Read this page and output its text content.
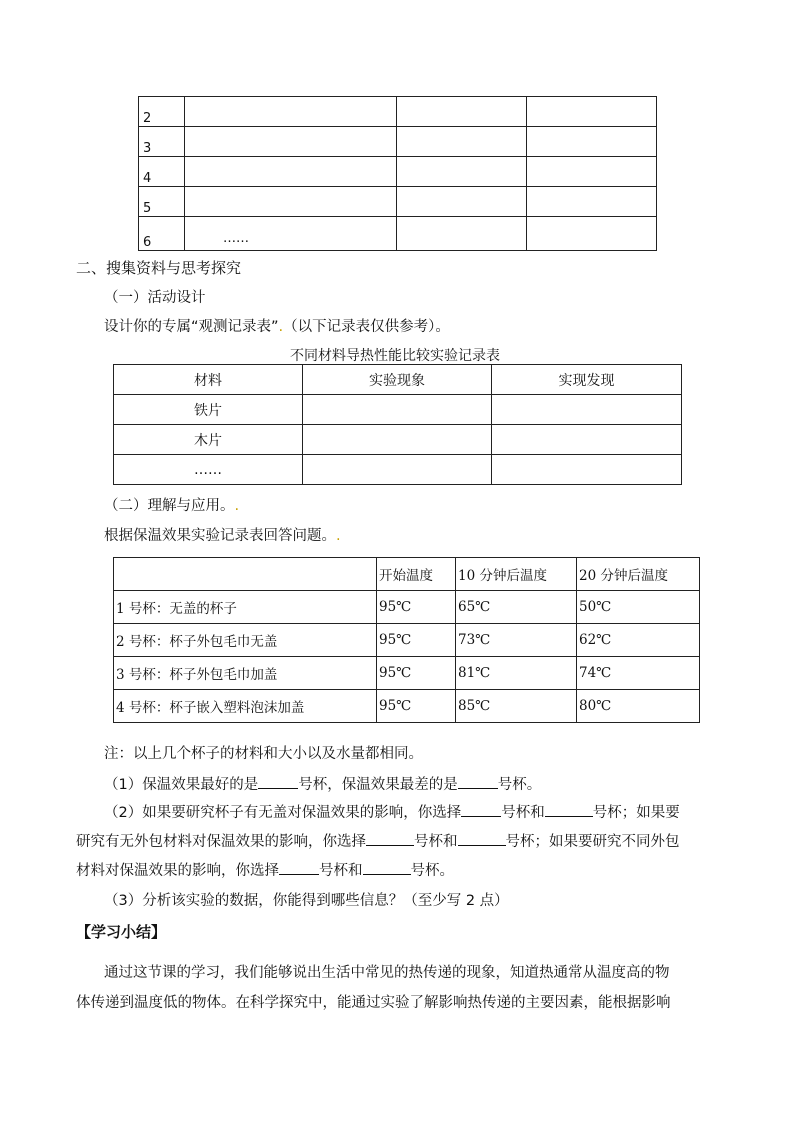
2			
3			
4			
5			
6	……		
二、搜集资料与思考探究
（一）活动设计
设计你的专属“观测记录表”.（以下记录表仅供参考）。
不同材料导热性能比较实验记录表
材料	实验现象	实现发现
铁片		
木片		
……		
（二）理解与应用。.
根据保温效果实验记录表回答问题。.
	开始温度	10 分钟后温度	20 分钟后温度
1 号杯：无盖的杯子	95℃	65℃	50℃
2 号杯：杯子外包毛巾无盖	95℃	73℃	62℃
3 号杯：杯子外包毛巾加盖	95℃	81℃	74℃
4 号杯：杯子嵌入塑料泡沫加盖	95℃	85℃	80℃
注：以上几个杯子的材料和大小以及水量都相同。
（1）保温效果最好的是	号杯，保温效果最差的是	号杯。
（2）如果要研究杯子有无盖对保温效果的影响，你选择	号杯和	号杯；如果要
研究有无外包材料对保温效果的影响，你选择	号杯和	号杯；如果要研究不同外包
材料对保温效果的影响，你选择	号杯和	号杯。
（3）分析该实验的数据，你能得到哪些信息？（至少写 2 点）
【学习小结】
通过这节课的学习，我们能够说出生活中常见的热传递的现象，知道热通常从温度高的物
体传递到温度低的物体。在科学探究中，能通过实验了解影响热传递的主要因素，能根据影响
